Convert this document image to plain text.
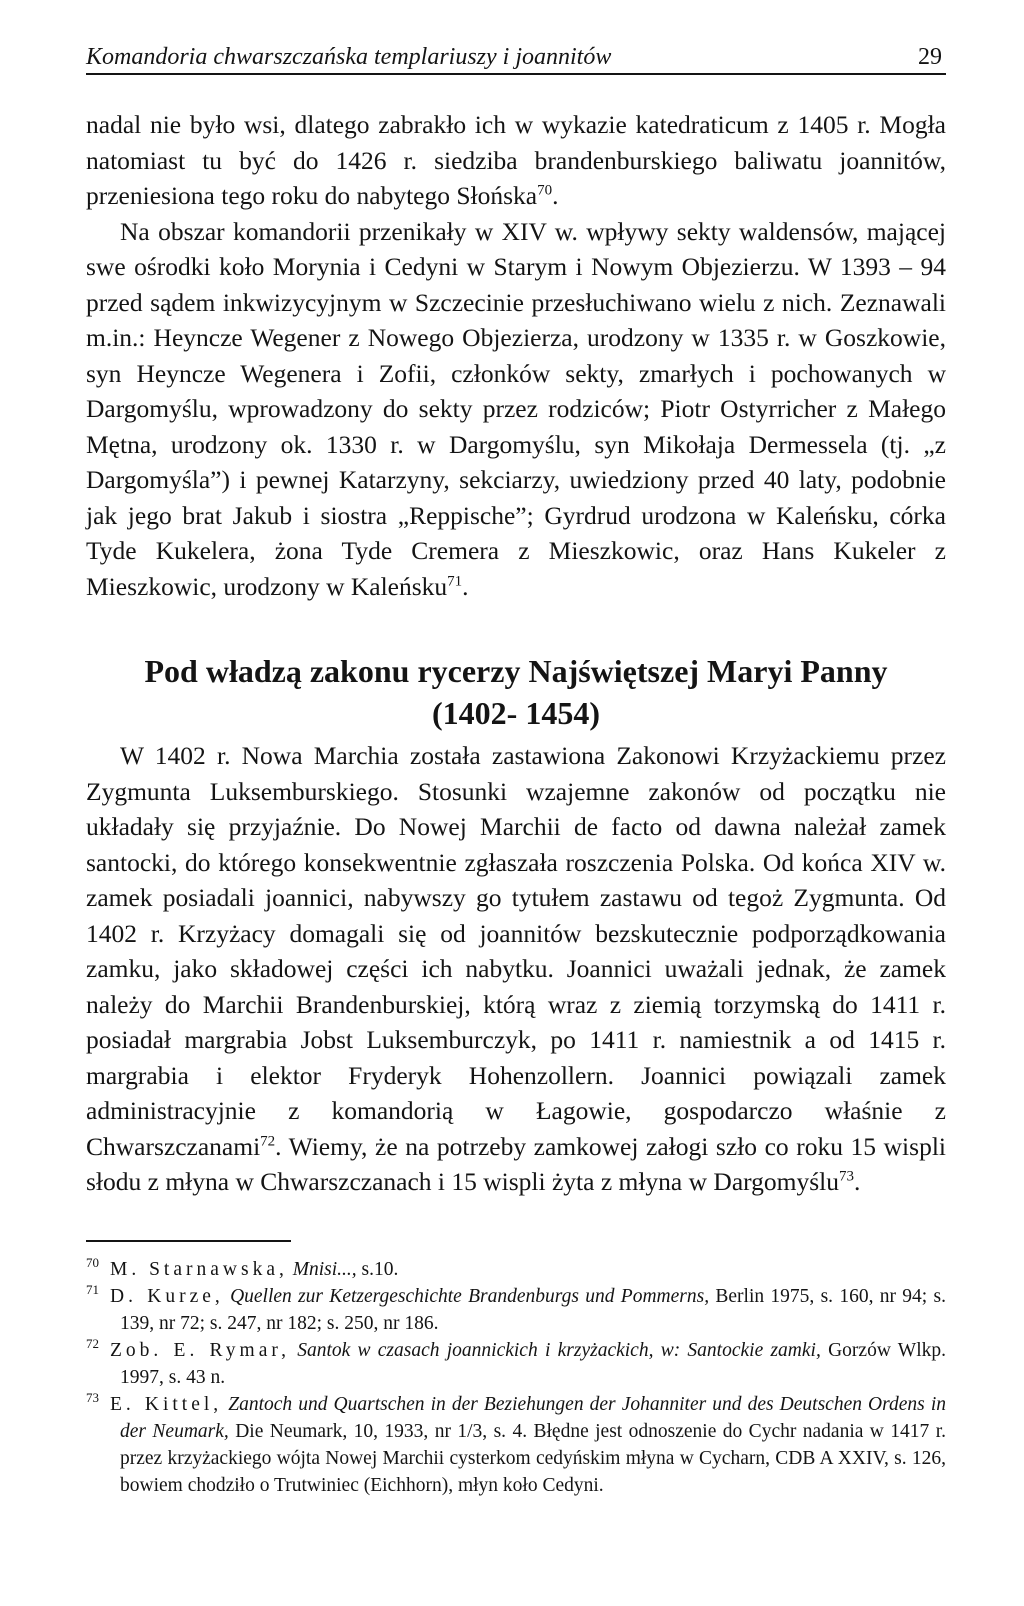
Komandoria chwarszczańska templariuszy i joannitów	29

nadal nie było wsi, dlatego zabrakło ich w wykazie katedraticum z 1405 r. Mogła natomiast tu być do 1426 r. siedziba brandenburskiego baliwatu joannitów, przeniesiona tego roku do nabytego Słońska$^{70}$.

Na obszar komandorii przenikały w XIV w. wpływy sekty waldensów, mającej swe ośrodki koło Morynia i Cedyni w Starym i Nowym Objezierzu. W 1393 – 94 przed sądem inkwizycyjnym w Szczecinie przesłuchiwano wielu z nich. Zeznawali m.in.: Heyncze Wegener z Nowego Objezierza, urodzony w 1335 r. w Goszkowie, syn Heyncze Wegenera i Zofii, członków sekty, zmarłych i pochowanych w Dargomyślu, wprowadzony do sekty przez rodziców; Piotr Ostyrricher z Małego Mętna, urodzony ok. 1330 r. w Dargomyślu, syn Mikołaja Dermessela (tj. „z Dargomyśla”) i pewnej Katarzyny, sekciarzy, uwiedziony przed 40 laty, podobnie jak jego brat Jakub i siostra „Reppische”; Gyrdrud urodzona w Kaleńsku, córka Tyde Kukelera, żona Tyde Cremera z Mieszkowic, oraz Hans Kukeler z Mieszkowic, urodzony w Kaleńsku$^{71}$.

Pod władzą zakonu rycerzy Najświętszej Maryi Panny
(1402- 1454)

W 1402 r. Nowa Marchia została zastawiona Zakonowi Krzyżackiemu przez Zygmunta Luksemburskiego. Stosunki wzajemne zakonów od początku nie układały się przyjaźnie. Do Nowej Marchii de facto od dawna należał zamek santocki, do którego konsekwentnie zgłaszała roszczenia Polska. Od końca XIV w. zamek posiadali joannici, nabywszy go tytułem zastawu od tegoż Zygmunta. Od 1402 r. Krzyżacy domagali się od joannitów bezskutecznie podporządkowania zamku, jako składowej części ich nabytku. Joannici uważali jednak, że zamek należy do Marchii Brandenburskiej, którą wraz z ziemią torzymską do 1411 r. posiadał margrabia Jobst Luksemburczyk, po 1411 r. namiestnik a od 1415 r. margrabia i elektor Fryderyk Hohenzollern. Joannici powiązali zamek administracyjnie z komandorią w Łagowie, gospodarczo właśnie z Chwarszczanami$^{72}$. Wiemy, że na potrzeby zamkowej załogi szło co roku 15 wispli słodu z młyna w Chwarszczanach i 15 wispli żyta z młyna w Dargomyślu$^{73}$.

70 M. Starnawska, Mnisi..., s.10.

71 D. Kurze, Quellen zur Ketzergeschichte Brandenburgs und Pommerns, Berlin 1975, s. 160, nr 94; s. 139, nr 72; s. 247, nr 182; s. 250, nr 186.

72 Zob. E. Rymar, Santok w czasach joannickich i krzyżackich, w: Santockie zamki, Gorzów Wlkp. 1997, s. 43 n.

73 E. Kittel, Zantoch und Quartschen in der Beziehungen der Johanniter und des Deutschen Ordens in der Neumark, Die Neumark, 10, 1933, nr 1/3, s. 4. Błędne jest odnoszenie do Cychr nadania w 1417 r. przez krzyżackiego wójta Nowej Marchii cysterkom cedyńskim młyna w Cycharn, CDB A XXIV, s. 126, bowiem chodziło o Trutwiniec (Eichhorn), młyn koło Cedyni.
